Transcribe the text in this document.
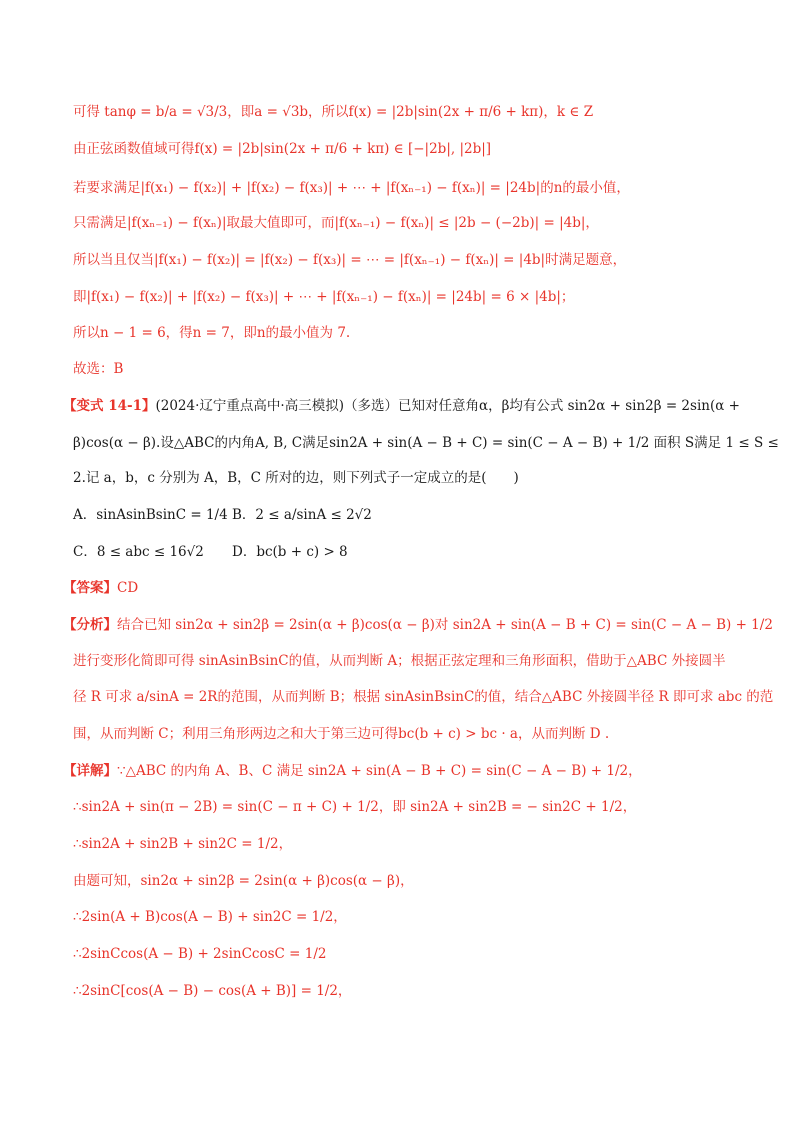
可得 tanφ = b/a = √3/3，即a = √3b，所以f(x) = |2b|sin(2x + π/6 + kπ)，k ∈ Z
由正弦函数值域可得f(x) = |2b|sin(2x + π/6 + kπ) ∈ [−|2b|, |2b|]
若要求满足|f(x₁) − f(x₂)| + |f(x₂) − f(x₃)| + ⋯ + |f(xₙ₋₁) − f(xₙ)| = |24b|的n的最小值，
只需满足|f(xₙ₋₁) − f(xₙ)|取最大值即可，而|f(xₙ₋₁) − f(xₙ)| ≤ |2b − (−2b)| = |4b|，
所以当且仅当|f(x₁) − f(x₂)| = |f(x₂) − f(x₃)| = ⋯ = |f(xₙ₋₁) − f(xₙ)| = |4b|时满足题意，
即|f(x₁) − f(x₂)| + |f(x₂) − f(x₃)| + ⋯ + |f(xₙ₋₁) − f(xₙ)| = |24b| = 6 × |4b|；
所以n − 1 = 6，得n = 7，即n的最小值为 7.
故选：B
【变式 14-1】(2024·辽宁重点高中·高三模拟)（多选）已知对任意角α，β均有公式 sin2α + sin2β = 2sin(α +
β)cos(α − β).设△ABC的内角A, B, C满足sin2A + sin(A − B + C) = sin(C − A − B) + 1/2 面积 S满足 1 ≤ S ≤
2.记 a，b，c 分别为 A，B，C 所对的边，则下列式子一定成立的是(　　)
A．sinAsinBsinC = 1/4 B．2 ≤ a/sinA ≤ 2√2
C．8 ≤ abc ≤ 16√2	D．bc(b + c) > 8
【答案】CD
【分析】结合已知 sin2α + sin2β = 2sin(α + β)cos(α − β)对 sin2A + sin(A − B + C) = sin(C − A − B) + 1/2
进行变形化简即可得 sinAsinBsinC的值，从而判断 A；根据正弦定理和三角形面积，借助于△ABC 外接圆半
径 R 可求 a/sinA = 2R的范围，从而判断 B；根据 sinAsinBsinC的值，结合△ABC 外接圆半径 R 即可求 abc 的范
围，从而判断 C；利用三角形两边之和大于第三边可得bc(b + c) > bc · a，从而判断 D .
【详解】∵△ABC 的内角 A、B、C 满足 sin2A + sin(A − B + C) = sin(C − A − B) + 1/2，
∴sin2A + sin(π − 2B) = sin(C − π + C) + 1/2，即 sin2A + sin2B = − sin2C + 1/2，
∴sin2A + sin2B + sin2C = 1/2，
由题可知，sin2α + sin2β = 2sin(α + β)cos(α − β)，
∴2sin(A + B)cos(A − B) + sin2C = 1/2，
∴2sinCcos(A − B) + 2sinCcosC = 1/2
∴2sinC[cos(A − B) − cos(A + B)] = 1/2，
